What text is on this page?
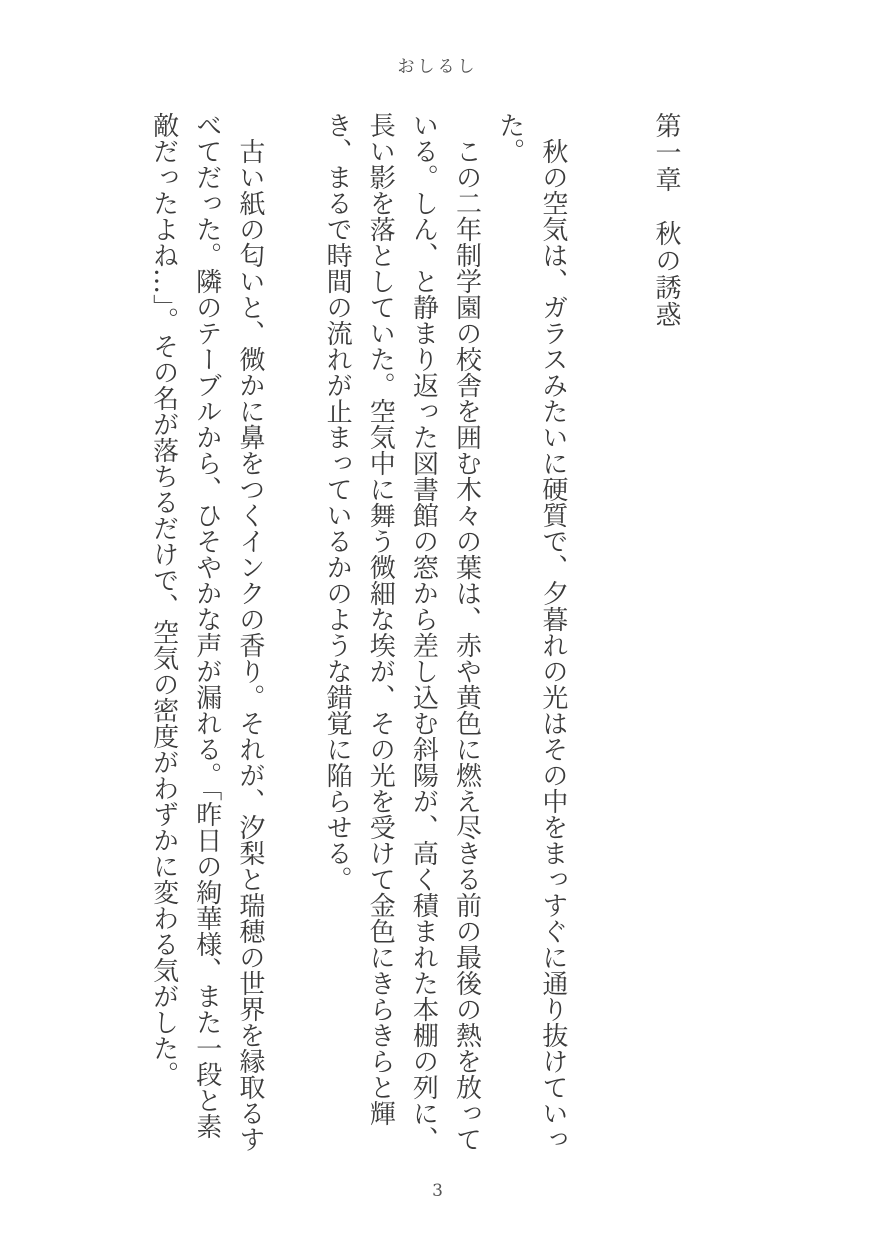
おしるし
第一章　秋の誘惑

秋の空気は、ガラスみたいに硬質で、夕暮れの光はその中をまっすぐに通り抜けていった。

この二年制学園の校舎を囲む木々の葉は、赤や黄色に燃え尽きる前の最後の熱を放っている。しん、と静まり返った図書館の窓から差し込む斜陽が、高く積まれた本棚の列に、長い影を落としていた。空気中に舞う微細な埃が、その光を受けて金色にきらきらと輝き、まるで時間の流れが止まっているかのような錯覚に陥らせる。

古い紙の匂いと、微かに鼻をつくインクの香り。それが、汐梨と瑞穂の世界を縁取るすべてだった。隣のテーブルから、ひそやかな声が漏れる。「昨日の絢華様、また一段と素敵だったよね…」。その名が落ちるだけで、空気の密度がわずかに変わる気がした。

3
